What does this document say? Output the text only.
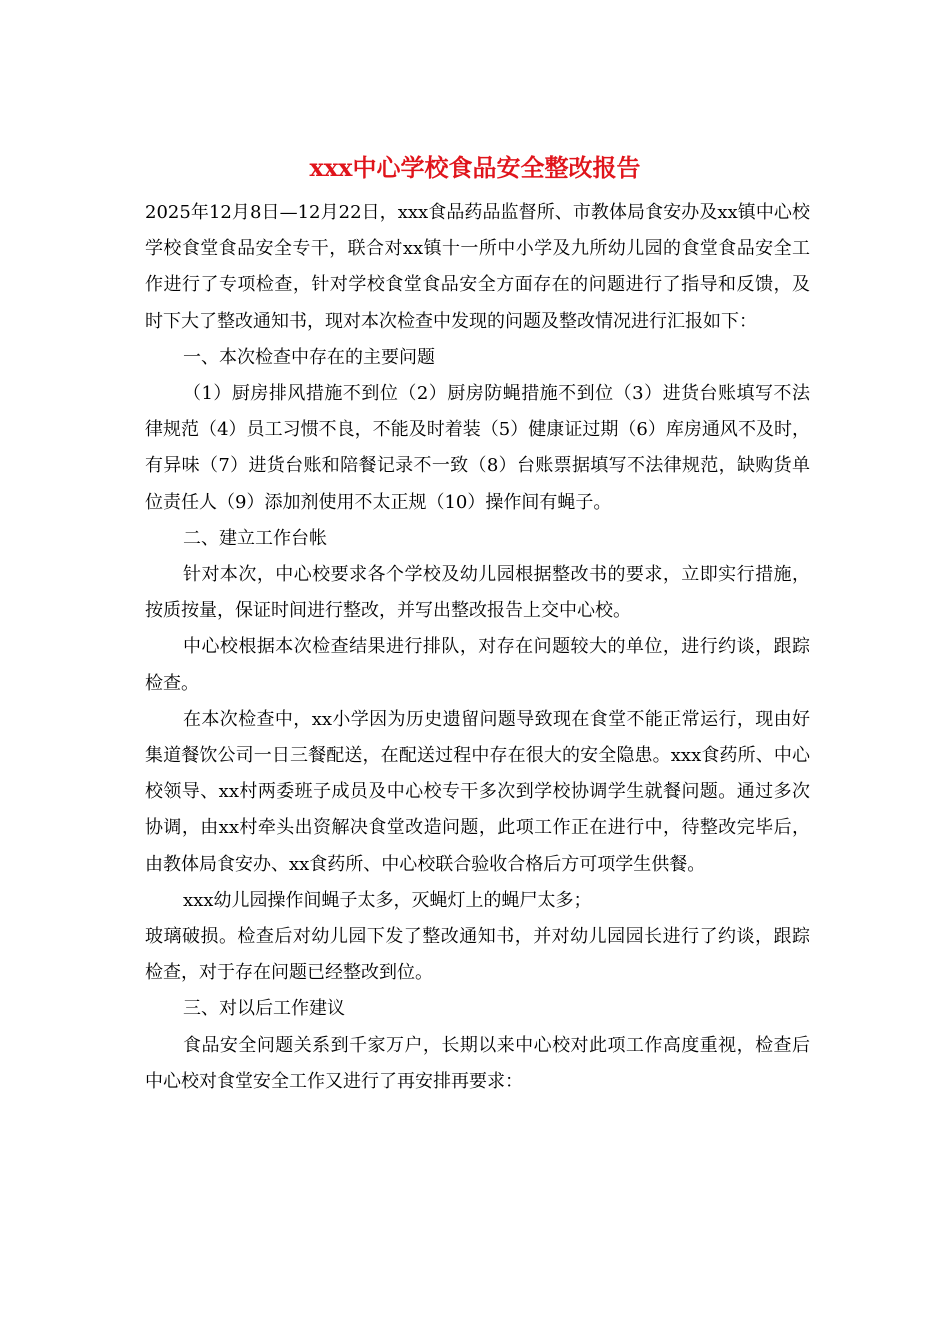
xxx中心学校食品安全整改报告

2025年12月8日—12月22日，xxx食品药品监督所、市教体局食安办及xx镇中心校学校食堂食品安全专干，联合对xx镇十一所中小学及九所幼儿园的食堂食品安全工作进行了专项检查，针对学校食堂食品安全方面存在的问题进行了指导和反馈，及时下大了整改通知书，现对本次检查中发现的问题及整改情况进行汇报如下：

一、本次检查中存在的主要问题

（1）厨房排风措施不到位（2）厨房防蝇措施不到位（3）进货台账填写不法律规范（4）员工习惯不良，不能及时着装（5）健康证过期（6）库房通风不及时，有异味（7）进货台账和陪餐记录不一致（8）台账票据填写不法律规范，缺购货单位责任人（9）添加剂使用不太正规（10）操作间有蝇子。

二、建立工作台帐

针对本次，中心校要求各个学校及幼儿园根据整改书的要求，立即实行措施，按质按量，保证时间进行整改，并写出整改报告上交中心校。

中心校根据本次检查结果进行排队，对存在问题较大的单位，进行约谈，跟踪检查。

在本次检查中，xx小学因为历史遗留问题导致现在食堂不能正常运行，现由好集道餐饮公司一日三餐配送，在配送过程中存在很大的安全隐患。xxx食药所、中心校领导、xx村两委班子成员及中心校专干多次到学校协调学生就餐问题。通过多次协调，由xx村牵头出资解决食堂改造问题，此项工作正在进行中，待整改完毕后，由教体局食安办、xx食药所、中心校联合验收合格后方可项学生供餐。

xxx幼儿园操作间蝇子太多，灭蝇灯上的蝇尸太多；

玻璃破损。检查后对幼儿园下发了整改通知书，并对幼儿园园长进行了约谈，跟踪检查，对于存在问题已经整改到位。

三、对以后工作建议

食品安全问题关系到千家万户，长期以来中心校对此项工作高度重视，检查后中心校对食堂安全工作又进行了再安排再要求：
